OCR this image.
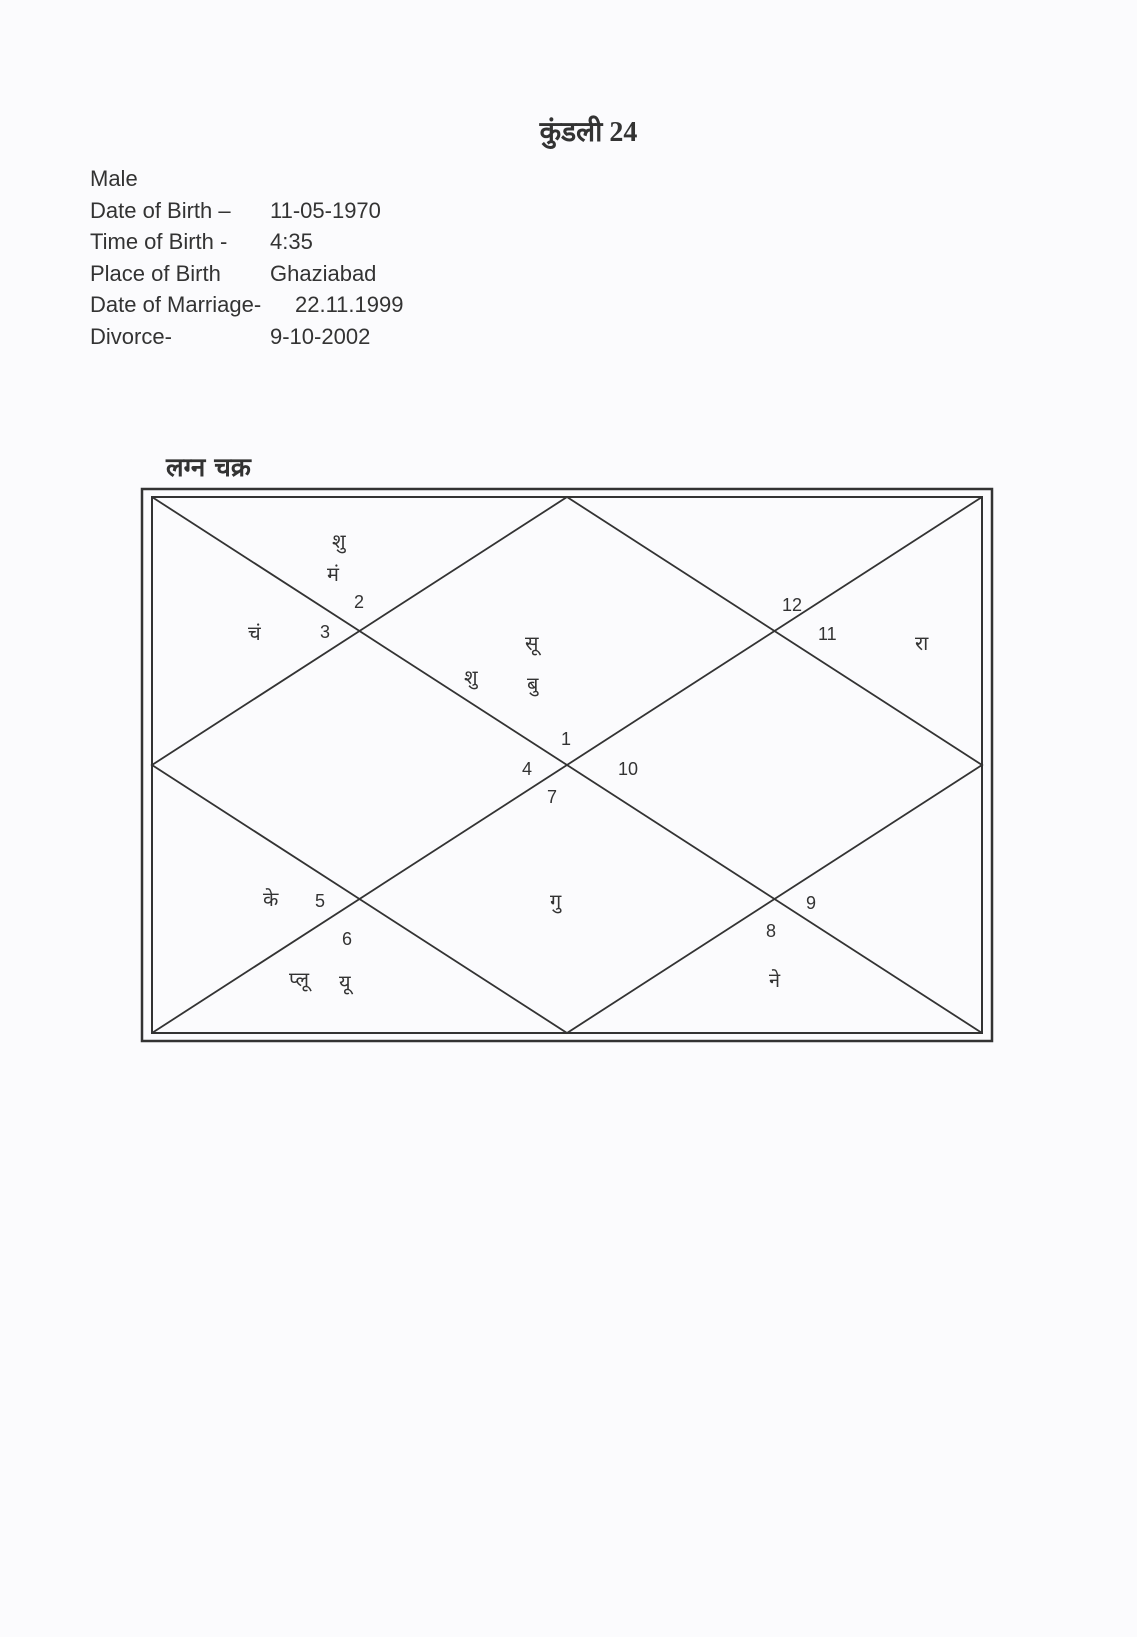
कुंडली 24
Male
Date of Birth – 11-05-1970
Time of Birth - 4:35
Place of Birth Ghaziabad
Date of Marriage- 22.11.1999
Divorce-	9-10-2002
लग्न चक्र
1
2
3
4
5
6
7
8
9
10
11
12
सू
शु बु
शु
मं
चं
के
प्लू यू
गु
ने
रा
